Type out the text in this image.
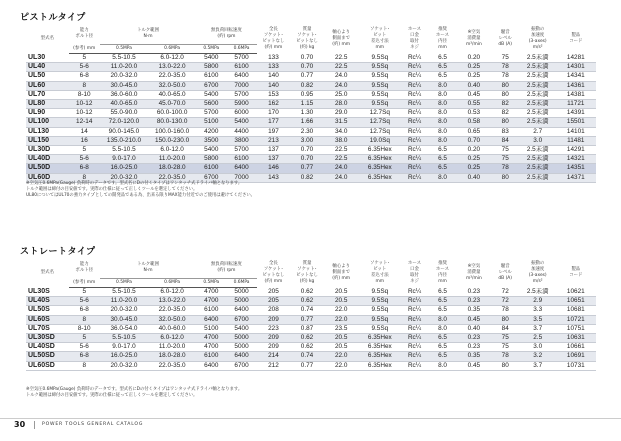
ピストルタイプ
型式名	能力
ボルト径	トルク範囲
N·m		無負荷回転速度
(約) rpm		全長
ソケット･
ビットなし
(約) mm	質量
ソケット･
ビットなし
(約) kg	軸心より
側面まで
(約) mm	ソケット･
ビット
差込寸法
mm	ホース
口金
取付
ネジ	推奨
ホース
内径
mm	※空気
消費量
m³/min	騒音
レベル
dB (A)	振動の
加速度
(3-axes)
m/s²	製品
コード
	(参考) mm	0.5MPa	0.6MPa	0.5MPa	0.6MPa										
UL30	5	5.5-10.5	6.0-12.0	5400	5700	133	0.70	22.5	9.5Sq	Rc¼	6.5	0.20	75	2.5未満	14281
UL40	5-6	11.0-20.0	13.0-22.0	5800	6100	133	0.70	22.5	9.5Sq	Rc¼	6.5	0.25	78	2.5未満	14301
UL50	6-8	20.0-32.0	22.0-35.0	6100	6400	140	0.77	24.0	9.5Sq	Rc¼	6.5	0.25	78	2.5未満	14341
UL60	8	30.0-45.0	32.0-50.0	6700	7000	140	0.82	24.0	9.5Sq	Rc¼	8.0	0.40	80	2.5未満	14361
UL70	8-10	36.0-60.0	40.0-65.0	5400	5700	153	0.95	25.0	9.5Sq	Rc¼	8.0	0.45	80	2.5未満	14381
UL80	10-12	40.0-65.0	45.0-70.0	5600	5900	162	1.15	28.0	9.5Sq	Rc¼	8.0	0.55	82	2.5未満	11721
UL90	10-12	55.0-90.0	60.0-100.0	5700	6000	170	1.30	29.0	12.7Sq	Rc¼	8.0	0.53	82	2.5未満	14391
UL100	12-14	72.0-120.0	80.0-130.0	5100	5400	177	1.66	31.5	12.7Sq	Rc¼	8.0	0.58	80	2.5未満	15501
UL130	14	90.0-145.0	100.0-160.0	4200	4400	197	2.30	34.0	12.7Sq	Rc¼	8.0	0.65	83	2.7	14101
UL150	16	135.0-210.0	150.0-230.0	3500	3800	213	3.00	38.0	19.0Sq	Rc¼	8.0	0.70	84	3.0	11481
UL30D	5	5.5-10.5	6.0-12.0	5400	5700	137	0.70	22.5	6.35Hex	Rc¼	6.5	0.20	75	2.5未満	14291
UL40D	5-6	9.0-17.0	11.0-20.0	5800	6100	137	0.70	22.5	6.35Hex	Rc¼	6.5	0.25	75	2.5未満	14321
UL50D	6-8	16.0-25.0	18.0-28.0	6100	6400	146	0.77	24.0	6.35Hex	Rc¼	6.5	0.25	78	2.5未満	14351
UL60D	8	20.0-32.0	22.0-35.0	6700	7000	143	0.82	24.0	6.35Hex	Rc¼	8.0	0.40	80	2.5未満	14371
※空気圧0.6MPa(Gauge) 負荷時のデータです。型式名にDの付くタイプはワンタッチ式ドライバ軸となります。
トルク範囲は締付の目安値です。実際の仕様に従って正しくツールを選定してください。
UL80についてはUL70の強力タイプとしての開発品である為、出来る限りMAX能力付近でのご使用は避けてください。
ストレートタイプ
型式名	能力
ボルト径	トルク範囲
N·m		無負荷回転速度
(約) rpm		全長
ソケット･
ビットなし
(約) mm	質量
ソケット･
ビットなし
(約) kg	軸心より
側面まで
(約) mm	ソケット･
ビット
差込寸法
mm	ホース
口金
取付
ネジ	推奨
ホース
内径
mm	※空気
消費量
m³/min	騒音
レベル
dB (A)	振動の
加速度
(3-axes)
m/s²	製品
コード
	(参考) mm	0.5MPa	0.6MPa	0.5MPa	0.6MPa										
UL30S	5	5.5-10.5	6.0-12.0	4700	5000	205	0.62	20.5	9.5Sq	Rc¼	6.5	0.23	72	2.5未満	10621
UL40S	5-6	11.0-20.0	13.0-22.0	4700	5000	205	0.62	20.5	9.5Sq	Rc¼	6.5	0.23	72	2.9	10651
UL50S	6-8	20.0-32.0	22.0-35.0	6100	6400	208	0.74	22.0	9.5Sq	Rc¼	6.5	0.35	78	3.3	10681
UL60S	8	30.0-45.0	32.0-50.0	6400	6700	209	0.77	22.0	9.5Sq	Rc¼	8.0	0.45	80	3.5	10721
UL70S	8-10	36.0-54.0	40.0-60.0	5100	5400	223	0.87	23.5	9.5Sq	Rc¼	8.0	0.40	84	3.7	10751
UL30SD	5	5.5-10.5	6.0-12.0	4700	5000	209	0.62	20.5	6.35Hex	Rc¼	6.5	0.23	75	2.5	10631
UL40SD	5-6	9.0-17.0	11.0-20.0	4700	5000	209	0.62	20.5	6.35Hex	Rc¼	6.5	0.23	75	3.0	10661
UL50SD	6-8	16.0-25.0	18.0-28.0	6100	6400	214	0.74	22.0	6.35Hex	Rc¼	6.5	0.35	78	3.2	10691
UL60SD	8	20.0-32.0	22.0-35.0	6400	6700	212	0.77	22.0	6.35Hex	Rc¼	8.0	0.45	80	3.7	10731
※空気圧0.6MPa(Gauge) 負荷時のデータです。型式名にDの付くタイプはワンタッチ式ドライバ軸となります。
トルク範囲は締付の目安値です。実際の仕様に従って正しくツールを選定してください。
30	POWER TOOLS GENERAL CATALOG
